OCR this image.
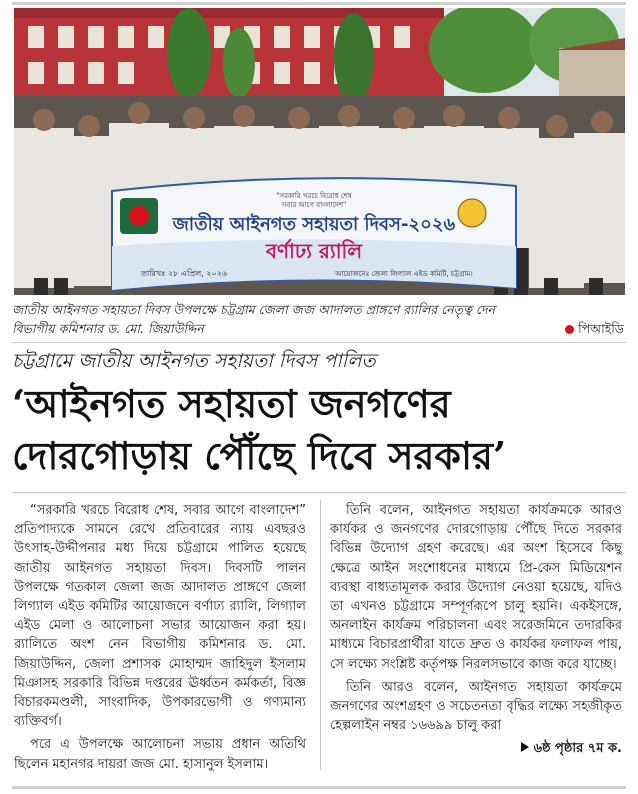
"সরকারি খরচে বিরোধ শেষ
সবার আগে বাংলাদেশ"
জাতীয় আইনগত সহায়তা দিবস-২০২৬
বর্ণাঢ্য র‍্যালি
তারিখঃ ২৮ এপ্রিল, ২০২৬	আয়োজনেঃ জেলা লিগ্যাল এইড কমিটি, চট্টগ্রাম।
জাতীয় আইনগত সহায়তা দিবস উপলক্ষে চট্টগ্রাম জেলা জজ আদালত প্রাঙ্গণে র‍্যালির নেতৃত্ব দেন
বিভাগীয় কমিশনার ড. মো. জিয়াউদ্দিন	পিআইডি
চট্টগ্রামে জাতীয় আইনগত সহায়তা দিবস পালিত
‘আইনগত সহায়তা জনগণের
দোরগোড়ায় পৌঁছে দিবে সরকার’

“সরকারি খরচে বিরোধ শেষ, সবার আগে বাংলাদেশ” প্রতিপাদ্যকে সামনে রেখে প্রতিবারের ন্যায় এবছরও উৎসাহ-উদ্দীপনার মধ্য দিয়ে চট্টগ্রামে পালিত হয়েছে জাতীয় আইনগত সহায়তা দিবস। দিবসটি পালন উপলক্ষে গতকাল জেলা জজ আদালত প্রাঙ্গণে জেলা লিগ্যাল এইড কমিটির আয়োজনে বর্ণাঢ্য র‍্যালি, লিগ্যাল এইড মেলা ও আলোচনা সভার আয়োজন করা হয়। র‍্যালিতে অংশ নেন বিভাগীয় কমিশনার ড. মো. জিয়াউদ্দিন, জেলা প্রশাসক মোহাম্মদ জাহিদুল ইসলাম মিঞাসহ সরকারি বিভিন্ন দপ্তরের ঊর্ধ্বতন কর্মকর্তা, বিজ্ঞ বিচারকমণ্ডলী, সাংবাদিক, উপকারভোগী ও গণ্যমান্য ব্যক্তিবর্গ।

পরে এ উপলক্ষে আলোচনা সভায় প্রধান অতিথি ছিলেন মহানগর দায়রা জজ মো. হাসানুল ইসলাম।

তিনি বলেন, আইনগত সহায়তা কার্যক্রমকে আরও কার্যকর ও জনগণের দোরগোড়ায় পৌঁছে দিতে সরকার বিভিন্ন উদ্যোগ গ্রহণ করেছে। এর অংশ হিসেবে কিছু ক্ষেত্রে আইন সংশোধনের মাধ্যমে প্রি-কেস মিডিয়েশন ব্যবস্থা বাধ্যতামূলক করার উদ্যোগ নেওয়া হয়েছে, যদিও তা এখনও চট্টগ্রামে সম্পূর্ণরূপে চালু হয়নি। একইসঙ্গে, অনলাইন কার্যক্রম পরিচালনা এবং সরেজমিনে তদারকির মাধ্যমে বিচারপ্রার্থীরা যাতে দ্রুত ও কার্যকর ফলাফল পায়, সে লক্ষ্যে সংশ্লিষ্ট কর্তৃপক্ষ নিরলসভাবে কাজ করে যাচ্ছে।

তিনি আরও বলেন, আইনগত সহায়তা কার্যক্রমে জনগণের অংশগ্রহণ ও সচেতনতা বৃদ্ধির লক্ষ্যে সহজীকৃত হেল্পলাইন নম্বর ১৬৬৯৯ চালু করা

৬ষ্ঠ পৃষ্ঠার ৭ম ক.
